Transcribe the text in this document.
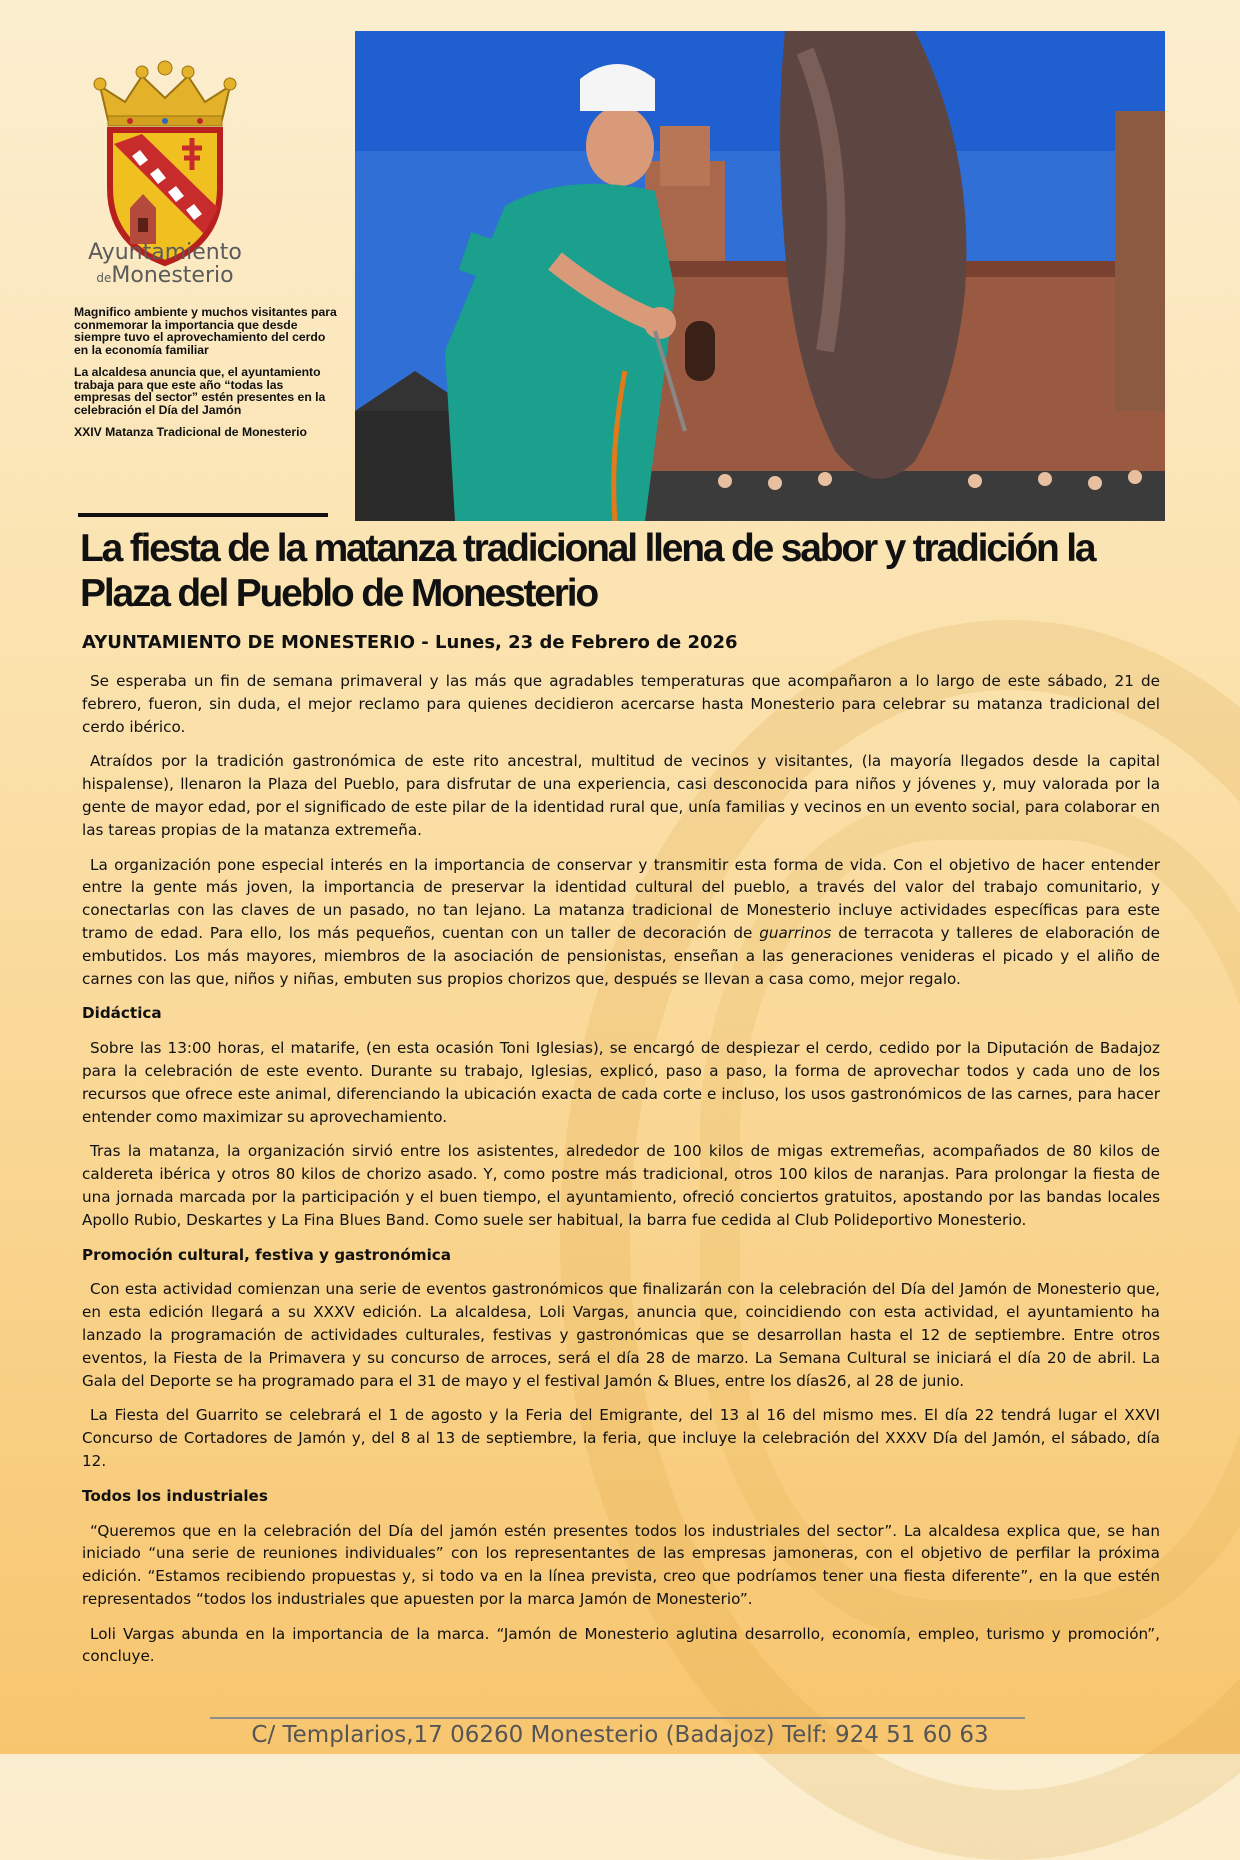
Ayuntamiento
deMonesterio

Magnifico ambiente y muchos visitantes para conmemorar la importancia que desde siempre tuvo el aprovechamiento del cerdo en la economía familiar

La alcaldesa anuncia que, el ayuntamiento trabaja para que este año “todas las empresas del sector” estén presentes en la celebración el Día del Jamón

XXIV Matanza Tradicional de Monesterio

La fiesta de la matanza tradicional llena de sabor y tradición la Plaza del Pueblo de Monesterio
AYUNTAMIENTO DE MONESTERIO - Lunes, 23 de Febrero de 2026

Se esperaba un fin de semana primaveral y las más que agradables temperaturas que acompañaron a lo largo de este sábado, 21 de febrero, fueron, sin duda, el mejor reclamo para quienes decidieron acercarse hasta Monesterio para celebrar su matanza tradicional del cerdo ibérico.

Atraídos por la tradición gastronómica de este rito ancestral, multitud de vecinos y visitantes, (la mayoría llegados desde la capital hispalense), llenaron la Plaza del Pueblo, para disfrutar de una experiencia, casi desconocida para niños y jóvenes y, muy valorada por la gente de mayor edad, por el significado de este pilar de la identidad rural que, unía familias y vecinos en un evento social, para colaborar en las tareas propias de la matanza extremeña.

La organización pone especial interés en la importancia de conservar y transmitir esta forma de vida. Con el objetivo de hacer entender entre la gente más joven, la importancia de preservar la identidad cultural del pueblo, a través del valor del trabajo comunitario, y conectarlas con las claves de un pasado, no tan lejano. La matanza tradicional de Monesterio incluye actividades específicas para este tramo de edad. Para ello, los más pequeños, cuentan con un taller de decoración de guarrinos de terracota y talleres de elaboración de embutidos. Los más mayores, miembros de la asociación de pensionistas, enseñan a las generaciones venideras el picado y el aliño de carnes con las que, niños y niñas, embuten sus propios chorizos que, después se llevan a casa como, mejor regalo.

Didáctica

Sobre las 13:00 horas, el matarife, (en esta ocasión Toni Iglesias), se encargó de despiezar el cerdo, cedido por la Diputación de Badajoz para la celebración de este evento. Durante su trabajo, Iglesias, explicó, paso a paso, la forma de aprovechar todos y cada uno de los recursos que ofrece este animal, diferenciando la ubicación exacta de cada corte e incluso, los usos gastronómicos de las carnes, para hacer entender como maximizar su aprovechamiento.

Tras la matanza, la organización sirvió entre los asistentes, alrededor de 100 kilos de migas extremeñas, acompañados de 80 kilos de caldereta ibérica y otros 80 kilos de chorizo asado. Y, como postre más tradicional, otros 100 kilos de naranjas. Para prolongar la fiesta de una jornada marcada por la participación y el buen tiempo, el ayuntamiento, ofreció conciertos gratuitos, apostando por las bandas locales Apollo Rubio, Deskartes y La Fina Blues Band. Como suele ser habitual, la barra fue cedida al Club Polideportivo Monesterio.

Promoción cultural, festiva y gastronómica

Con esta actividad comienzan una serie de eventos gastronómicos que finalizarán con la celebración del Día del Jamón de Monesterio que, en esta edición llegará a su XXXV edición. La alcaldesa, Loli Vargas, anuncia que, coincidiendo con esta actividad, el ayuntamiento ha lanzado la programación de actividades culturales, festivas y gastronómicas que se desarrollan hasta el 12 de septiembre. Entre otros eventos, la Fiesta de la Primavera y su concurso de arroces, será el día 28 de marzo. La Semana Cultural se iniciará el día 20 de abril. La Gala del Deporte se ha programado para el 31 de mayo y el festival Jamón & Blues, entre los días26, al 28 de junio.

La Fiesta del Guarrito se celebrará el 1 de agosto y la Feria del Emigrante, del 13 al 16 del mismo mes. El día 22 tendrá lugar el XXVI Concurso de Cortadores de Jamón y, del 8 al 13 de septiembre, la feria, que incluye la celebración del XXXV Día del Jamón, el sábado, día 12.

Todos los industriales

“Queremos que en la celebración del Día del jamón estén presentes todos los industriales del sector”. La alcaldesa explica que, se han iniciado “una serie de reuniones individuales” con los representantes de las empresas jamoneras, con el objetivo de perfilar la próxima edición. “Estamos recibiendo propuestas y, si todo va en la línea prevista, creo que podríamos tener una fiesta diferente”, en la que estén representados “todos los industriales que apuesten por la marca Jamón de Monesterio”.

Loli Vargas abunda en la importancia de la marca. “Jamón de Monesterio aglutina desarrollo, economía, empleo, turismo y promoción”, concluye.

C/ Templarios,17 06260 Monesterio (Badajoz) Telf: 924 51 60 63
